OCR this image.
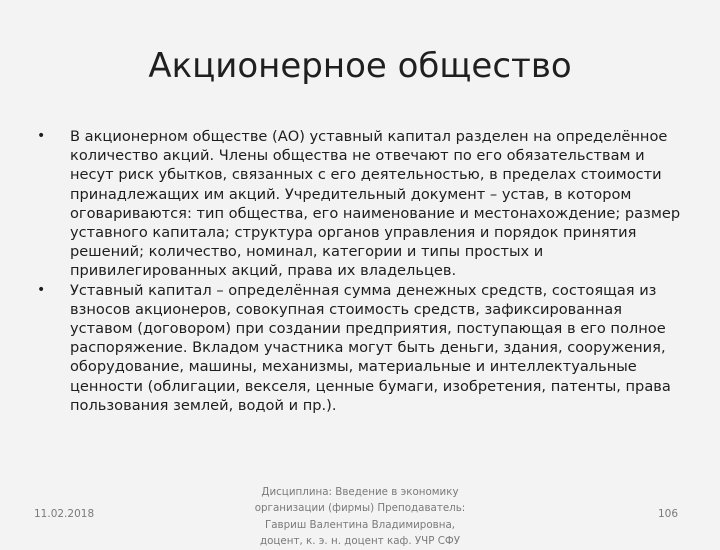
Акционерное общество
• В акционерном обществе (АО) уставный капитал разделен на определённое количество акций. Члены общества не отвечают по его обязательствам и несут риск убытков, связанных с его деятельностью, в пределах стоимости принадлежащих им акций. Учредительный документ – устав, в котором оговариваются: тип общества, его наименование и местонахождение; размер уставного капитала; структура органов управления и порядок принятия решений; количество, номинал, категории и типы простых и привилегированных акций, права их владельцев.
• Уставный капитал – определённая сумма денежных средств, состоящая из взносов акционеров, совокупная стоимость средств, зафиксированная уставом (договором) при создании предприятия, поступающая в его полное распоряжение. Вкладом участника могут быть деньги, здания, сооружения, оборудование, машины, механизмы, материальные и интеллектуальные ценности (облигации, векселя, ценные бумаги, изобретения, патенты, права пользования землей, водой и пр.).
11.02.2018
Дисциплина: Введение в экономику организации (фирмы) Преподаватель: Гавриш Валентина Владимировна, доцент, к. э. н. доцент каф. УЧР СФУ
106
